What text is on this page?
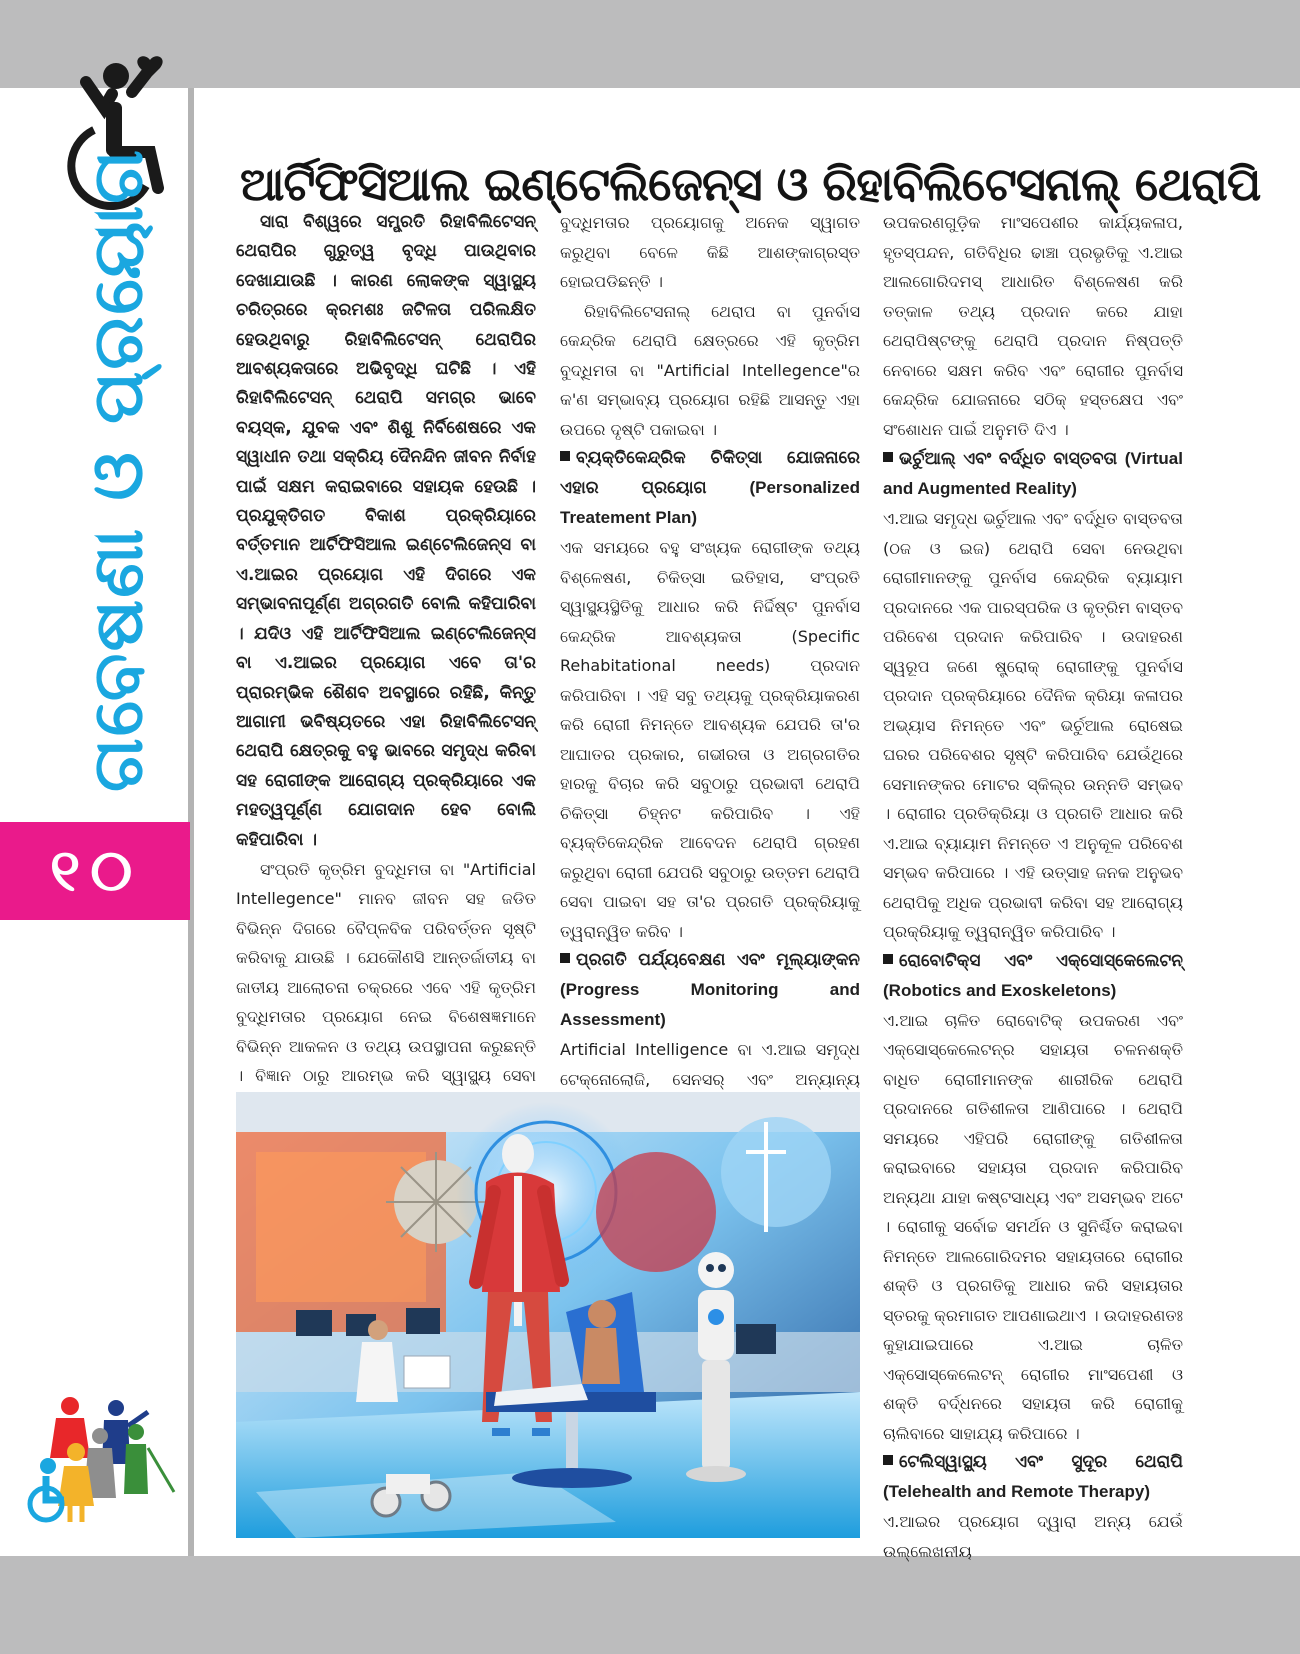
ଗବେଷଣା ଓ ପ୍ରୟୋଗ
୧୦
ଆର୍ଟିଫିସିଆଲ ଇଣ୍ଟେଲିଜେନ୍ସ ଓ ରିହାବିଲିଟେସନାଲ୍ ଥେରାପି

ସାରା ବିଶ୍ୱରେ ସମ୍ପ୍ରତି ରିହାବିଲିଟେସନ୍ ଥେରାପିର ଗୁରୁତ୍ୱ ବୃଦ୍ଧି ପାଉଥିବାର ଦେଖାଯାଉଛି । କାରଣ ଲୋକଙ୍କ ସ୍ୱାସ୍ଥ୍ୟ ଚରିତ୍ରରେ କ୍ରମଶଃ ଜଟିଳତା ପରିଲକ୍ଷିତ ହେଉଥିବାରୁ ରିହାବିଲିଟେସନ୍ ଥେରାପିର ଆବଶ୍ୟକତାରେ ଅଭିବୃଦ୍ଧି ଘଟିଛି । ଏହି ରିହାବିଲିଟେସନ୍ ଥେରାପି ସମଗ୍ର ଭାବେ ବୟସ୍କ, ଯୁବକ ଏବଂ ଶିଶୁ ନିର୍ବିଶେଷରେ ଏକ ସ୍ୱାଧୀନ ତଥା ସକ୍ରିୟ ଦୈନନ୍ଦିନ ଜୀବନ ନିର୍ବାହ ପାଇଁ ସକ୍ଷମ କରାଇବାରେ ସହାୟକ ହେଉଛି । ପ୍ରଯୁକ୍ତିଗତ ବିକାଶ ପ୍ରକ୍ରିୟାରେ ବର୍ତ୍ତମାନ ଆର୍ଟିଫିସିଆଲ ଇଣ୍ଟେଲିଜେନ୍ସ ବା ଏ.ଆଇର ପ୍ରୟୋଗ ଏହି ଦିଗରେ ଏକ ସମ୍ଭାବନାପୂର୍ଣ୍ଣ ଅଗ୍ରଗତି ବୋଲି କହିପାରିବା । ଯଦିଓ ଏହି ଆର୍ଟିଫିସିଆଲ ଇଣ୍ଟେଲିଜେନ୍ସ ବା ଏ.ଆଇର ପ୍ରୟୋଗ ଏବେ ତା'ର ପ୍ରାରମ୍ଭିକ ଶୈଶବ ଅବସ୍ଥାରେ ରହିଛି, କିନ୍ତୁ ଆଗାମୀ ଭବିଷ୍ୟତରେ ଏହା ରିହାବିଲିଟେସନ୍ ଥେରାପି କ୍ଷେତ୍ରକୁ ବହୁ ଭାବରେ ସମୃଦ୍ଧ କରିବା ସହ ରୋଗୀଙ୍କ ଆରୋଗ୍ୟ ପ୍ରକ୍ରିୟାରେ ଏକ ମହତ୍ୱପୂର୍ଣ୍ଣ ଯୋଗଦାନ ହେବ ବୋଲି କହିପାରିବା ।

ସଂପ୍ରତି କୃତ୍ରିମ ବୁଦ୍ଧିମତା ବା "Artificial Intellegence" ମାନବ ଜୀବନ ସହ ଜଡିତ ବିଭିନ୍ନ ଦିଗରେ ବୈପ୍ଳବିକ ପରିବର୍ତ୍ତନ ସୃଷ୍ଟି କରିବାକୁ ଯାଉଛି । ଯେକୌଣସି ଆନ୍ତର୍ଜାତୀୟ ବା ଜାତୀୟ ଆଲୋଚନା ଚକ୍ରରେ ଏବେ ଏହି କୃତ୍ରିମ ବୁଦ୍ଧିମତାର ପ୍ରୟୋଗ ନେଇ ବିଶେଷଜ୍ଞମାନେ ବିଭିନ୍ନ ଆକଳନ ଓ ତଥ୍ୟ ଉପସ୍ଥାପନା କରୁଛନ୍ତି । ବିଜ୍ଞାନ ଠାରୁ ଆରମ୍ଭ କରି ସ୍ୱାସ୍ଥ୍ୟ ସେବା

ବୁଦ୍ଧିମତାର ପ୍ରୟୋଗକୁ ଅନେକ ସ୍ୱାଗତ କରୁଥିବା ବେଳେ କିଛି ଆଶଙ୍କାଗ୍ରସ୍ତ ହୋଇପଡିଛନ୍ତି ।

ରିହାବିଲିଟେସନାଲ୍ ଥେରାପ ବା ପୁନର୍ବାସ କେନ୍ଦ୍ରିକ ଥେରାପି କ୍ଷେତ୍ରରେ ଏହି କୃତ୍ରିମ ବୁଦ୍ଧିମତା ବା "Artificial Intellegence"ର କ'ଣ ସମ୍ଭାବ୍ୟ ପ୍ରୟୋଗ ରହିଛି ଆସନ୍ତୁ ଏହା ଉପରେ ଦୃଷ୍ଟି ପକାଇବା ।

ବ୍ୟକ୍ତିକେନ୍ଦ୍ରିକ ଚିକିତ୍ସା ଯୋଜନାରେ ଏହାର ପ୍ରୟୋଗ	(Personalized Treatement Plan)

ଏକ ସମୟରେ ବହୁ ସଂଖ୍ୟକ ରୋଗୀଙ୍କ ତଥ୍ୟ ବିଶ୍ଳେଷଣ, ଚିକିତ୍ସା ଇତିହାସ, ସଂପ୍ରତି ସ୍ୱାସ୍ଥ୍ୟସ୍ଥିତିକୁ ଆଧାର କରି ନିର୍ଦ୍ଦିଷ୍ଟ ପୁନର୍ବାସ କେନ୍ଦ୍ରିକ ଆବଶ୍ୟକତା (Specific Rehabitational needs) ପ୍ରଦାନ କରିପାରିବା । ଏହି ସବୁ ତଥ୍ୟକୁ ପ୍ରକ୍ରିୟାକରଣ କରି ରୋଗୀ ନିମନ୍ତେ ଆବଶ୍ୟକ ଯେପରି ତା'ର ଆଘାତର ପ୍ରକାର, ଗଭୀରତା ଓ ଅଗ୍ରଗତିର ହାରକୁ ବିଚାର କରି ସବୁଠାରୁ ପ୍ରଭାବୀ ଥେରାପି ଚିକିତ୍ସା ଚିହ୍ନଟ କରିପାରିବ । ଏହି ବ୍ୟକ୍ତିକେନ୍ଦ୍ରିକ ଆବେଦନ ଥେରାପି ଗ୍ରହଣ କରୁଥିବା ରୋଗୀ ଯେପରି ସବୁଠାରୁ ଉତ୍ତମ ଥେରାପି ସେବା ପାଇବା ସହ ତା'ର ପ୍ରଗତି ପ୍ରକ୍ରିୟାକୁ ତ୍ୱରାନ୍ୱିତ କରିବ ।

ପ୍ରଗତି ପର୍ଯ୍ୟବେକ୍ଷଣ ଏବଂ ମୂଲ୍ୟାଙ୍କନ (Progress Monitoring and Assessment)

Artificial Intelligence ବା ଏ.ଆଇ ସମୃଦ୍ଧ ଟେକ୍ନୋଲୋଜି, ସେନସର୍ ଏବଂ ଅନ୍ୟାନ୍ୟ

ଉପକରଣଗୁଡ଼ିକ ମାଂସପେଶୀର କାର୍ଯ୍ୟକଳାପ, ହୃତସ୍ପନ୍ଦନ, ଗତିବିଧିର ଢାଞ୍ଚା ପ୍ରଭୃତିକୁ ଏ.ଆଇ ଆଲଗୋରିଦମସ୍ ଆଧାରିତ ବିଶ୍ଳେଷଣ କରି ତତ୍କାଳ ତଥ୍ୟ ପ୍ରଦାନ କରେ ଯାହା ଥେରାପିଷ୍ଟଙ୍କୁ ଥେରାପି ପ୍ରଦାନ ନିଷ୍ପତ୍ତି ନେବାରେ ସକ୍ଷମ କରିବ ଏବଂ ରୋଗୀର ପୁନର୍ବାସ କେନ୍ଦ୍ରିକ ଯୋଜନାରେ ସଠିକ୍ ହସ୍ତକ୍ଷେପ ଏବଂ ସଂଶୋଧନ ପାଇଁ ଅନୁମତି ଦିଏ ।

ଭର୍ଚୁଆଲ୍ ଏବଂ ବର୍ଦ୍ଧିତ ବାସ୍ତବତା (Virtual and Augmented Reality)

ଏ.ଆଇ ସମୃଦ୍ଧ ଭର୍ଚୁଆଲ ଏବଂ ବର୍ଦ୍ଧିତ ବାସ୍ତବତା (ଠଜ ଓ ଇଜ) ଥେରାପି ସେବା ନେଉଥିବା ରୋଗୀମାନଙ୍କୁ ପୁନର୍ବାସ କେନ୍ଦ୍ରିକ ବ୍ୟାୟାମ ପ୍ରଦାନରେ ଏକ ପାରସ୍ପରିକ ଓ କୃତ୍ରିମ ବାସ୍ତବ ପରିବେଶ ପ୍ରଦାନ କରିପାରିବ । ଉଦାହରଣ ସ୍ୱରୂପ ଜଣେ ଷ୍ଟ୍ରୋକ୍ ରୋଗୀଙ୍କୁ ପୁନର୍ବାସ ପ୍ରଦାନ ପ୍ରକ୍ରିୟାରେ ଦୈନିକ କ୍ରିୟା କଳାପର ଅଭ୍ୟାସ ନିମନ୍ତେ ଏବଂ ଭର୍ଚୁଆଲ ରୋଷେଇ ଘରର ପରିବେଶର ସୃଷ୍ଟି କରିପାରିବ ଯେଉଁଥିରେ ସେମାନଙ୍କର ମୋଟର ସ୍କିଲ୍ର ଉନ୍ନତି ସମ୍ଭବ । ରୋଗୀର ପ୍ରତିକ୍ରିୟା ଓ ପ୍ରଗତି ଆଧାର କରି ଏ.ଆଇ ବ୍ୟାୟାମ ନିମନ୍ତେ ଏ ଅନୁକୂଳ ପରିବେଶ ସମ୍ଭବ କରିପାରେ । ଏହି ଉତ୍ସାହ ଜନକ ଅନୁଭବ ଥେରାପିକୁ ଅଧିକ ପ୍ରଭାବୀ କରିବା ସହ ଆରୋଗ୍ୟ ପ୍ରକ୍ରିୟାକୁ ତ୍ୱରାନ୍ୱିତ କରିପାରିବ ।

ରୋବୋଟିକ୍ସ ଏବଂ ଏକ୍ସୋସ୍କେଲେଟନ୍ (Robotics and Exoskeletons)

ଏ.ଆଇ ଚାଳିତ ରୋବୋଟିକ୍ ଉପକରଣ ଏବଂ ଏକ୍ସୋସ୍କେଲେଟନ୍ର ସହାୟତା ଚଳନଶକ୍ତି ବାଧିତ ରୋଗୀମାନଙ୍କ ଶାରୀରିକ ଥେରାପି ପ୍ରଦାନରେ ଗତିଶୀଳତା ଆଣିପାରେ । ଥେରାପି ସମୟରେ ଏହିପରି ରୋଗୀଙ୍କୁ ଗତିଶୀଳତା କରାଇବାରେ ସହାୟତା ପ୍ରଦାନ କରିପାରିବ ଅନ୍ୟଥା ଯାହା କଷ୍ଟସାଧ୍ୟ ଏବଂ ଅସମ୍ଭବ ଅଟେ । ରୋଗୀକୁ ସର୍ବୋଚ୍ଚ ସମର୍ଥନ ଓ ସୁନିର୍ଶ୍ଚିତ କରାଇବା ନିମନ୍ତେ ଆଲଗୋରିଦମର ସହାୟତାରେ ରୋଗୀର ଶକ୍ତି ଓ ପ୍ରଗତିକୁ ଆଧାର କରି ସହାୟତାର ସ୍ତରକୁ କ୍ରମାଗତ ଆପଣାଇଥାଏ । ଉଦାହରଣତଃ କୁହାଯାଇପାରେ ଏ.ଆଇ ଚାଳିତ ଏକ୍ସୋସ୍କେଲେଟନ୍ ରୋଗୀର ମାଂସପେଶୀ ଓ ଶକ୍ତି ବର୍ଦ୍ଧନରେ ସହାୟତା କରି ରୋଗୀକୁ ଚାଲିବାରେ ସାହାଯ୍ୟ କରିପାରେ ।

ଟେଲିସ୍ୱାସ୍ଥ୍ୟ ଏବଂ ସୁଦୂର ଥେରାପି (Telehealth and Remote Therapy)

ଏ.ଆଇର ପ୍ରୟୋଗ ଦ୍ୱାରା ଅନ୍ୟ ଯେଉଁ ଉଲ୍ଲେଖନୀୟ
